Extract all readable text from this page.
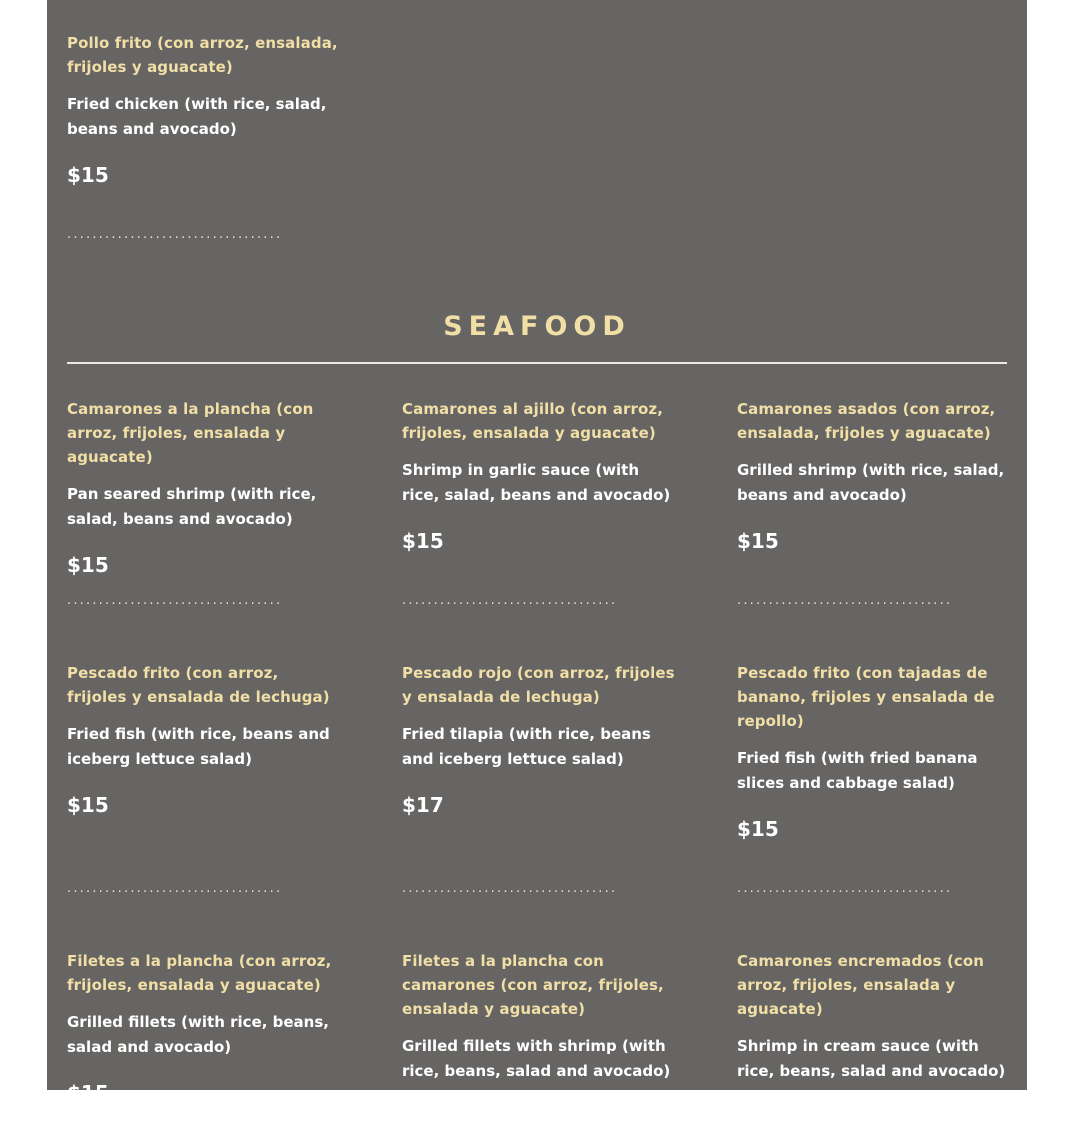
Pollo frito (con arroz, ensalada, frijoles y aguacate)
Fried chicken (with rice, salad, beans and avocado)
$15
..................................
SEAFOOD
Camarones a la plancha (con arroz, frijoles, ensalada y aguacate)
Pan seared shrimp (with rice, salad, beans and avocado)
$15
Camarones al ajillo (con arroz, frijoles, ensalada y aguacate)
Shrimp in garlic sauce (with rice, salad, beans and avocado)
$15
Camarones asados (con arroz, ensalada, frijoles y aguacate)
Grilled shrimp (with rice, salad, beans and avocado)
$15
..................................	..................................	..................................
Pescado frito (con arroz, frijoles y ensalada de lechuga)
Fried fish (with rice, beans and iceberg lettuce salad)
$15
Pescado rojo (con arroz, frijoles y ensalada de lechuga)
Fried tilapia (with rice, beans and iceberg lettuce salad)
$17
Pescado frito (con tajadas de banano, frijoles y ensalada de repollo)
Fried fish (with fried banana slices and cabbage salad)
$15
..................................	..................................	..................................
Filetes a la plancha (con arroz, frijoles, ensalada y aguacate)
Grilled fillets (with rice, beans, salad and avocado)
$15
Filetes a la plancha con camarones (con arroz, frijoles, ensalada y aguacate)
Grilled fillets with shrimp (with rice, beans, salad and avocado)
Camarones encremados (con arroz, frijoles, ensalada y aguacate)
Shrimp in cream sauce (with rice, beans, salad and avocado)
$15
